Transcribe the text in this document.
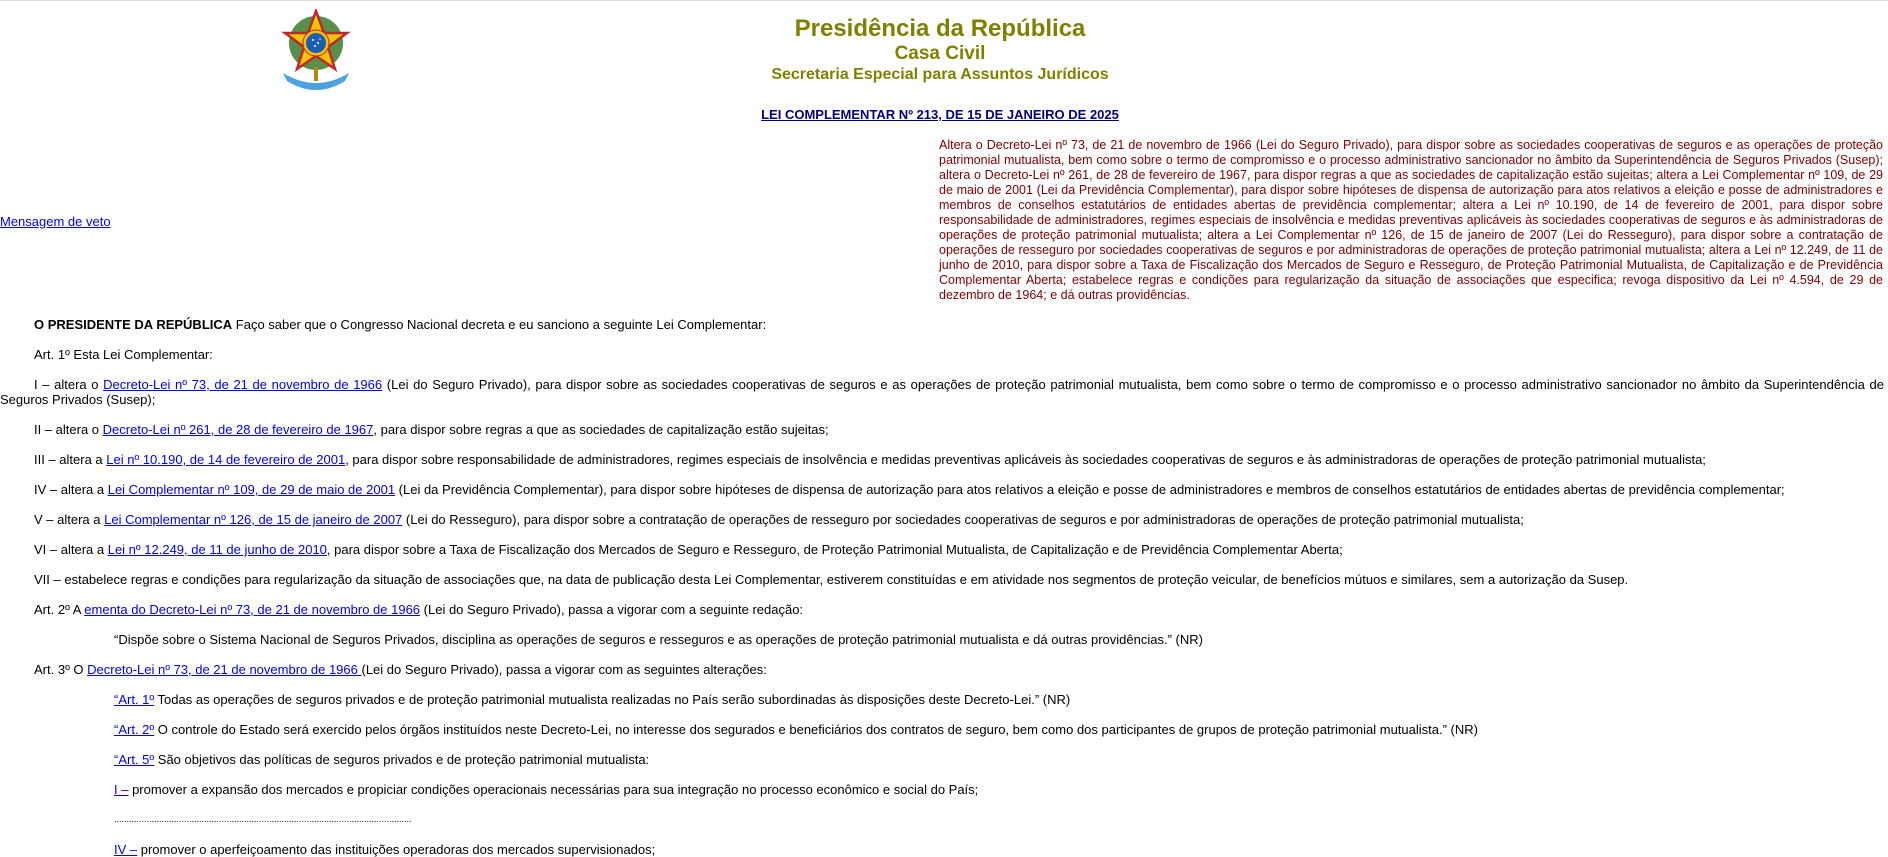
Presidência da República
Casa Civil
Secretaria Especial para Assuntos Jurídicos
LEI COMPLEMENTAR Nº 213, DE 15 DE JANEIRO DE 2025
Mensagem de veto
Altera o Decreto-Lei nº 73, de 21 de novembro de 1966 (Lei do Seguro Privado), para dispor sobre as sociedades cooperativas de seguros e as operações de proteção patrimonial mutualista, bem como sobre o termo de compromisso e o processo administrativo sancionador no âmbito da Superintendência de Seguros Privados (Susep); altera o Decreto-Lei nº 261, de 28 de fevereiro de 1967, para dispor regras a que as sociedades de capitalização estão sujeitas; altera a Lei Complementar nº 109, de 29 de maio de 2001 (Lei da Previdência Complementar), para dispor sobre hipóteses de dispensa de autorização para atos relativos a eleição e posse de administradores e membros de conselhos estatutários de entidades abertas de previdência complementar; altera a Lei nº 10.190, de 14 de fevereiro de 2001, para dispor sobre responsabilidade de administradores, regimes especiais de insolvência e medidas preventivas aplicáveis às sociedades cooperativas de seguros e às administradoras de operações de proteção patrimonial mutualista; altera a Lei Complementar nº 126, de 15 de janeiro de 2007 (Lei do Resseguro), para dispor sobre a contratação de operações de resseguro por sociedades cooperativas de seguros e por administradoras de operações de proteção patrimonial mutualista; altera a Lei nº 12.249, de 11 de junho de 2010, para dispor sobre a Taxa de Fiscalização dos Mercados de Seguro e Resseguro, de Proteção Patrimonial Mutualista, de Capitalização e de Previdência Complementar Aberta; estabelece regras e condições para regularização da situação de associações que especifica; revoga dispositivo da Lei nº 4.594, de 29 de dezembro de 1964; e dá outras providências.

O PRESIDENTE DA REPÚBLICA Faço saber que o Congresso Nacional decreta e eu sanciono a seguinte Lei Complementar:

Art. 1º Esta Lei Complementar:

I – altera o Decreto-Lei nº 73, de 21 de novembro de 1966 (Lei do Seguro Privado), para dispor sobre as sociedades cooperativas de seguros e as operações de proteção patrimonial mutualista, bem como sobre o termo de compromisso e o processo administrativo sancionador no âmbito da Superintendência de Seguros Privados (Susep);

II – altera o Decreto-Lei nº 261, de 28 de fevereiro de 1967, para dispor sobre regras a que as sociedades de capitalização estão sujeitas;

III – altera a Lei nº 10.190, de 14 de fevereiro de 2001, para dispor sobre responsabilidade de administradores, regimes especiais de insolvência e medidas preventivas aplicáveis às sociedades cooperativas de seguros e às administradoras de operações de proteção patrimonial mutualista;

IV – altera a Lei Complementar nº 109, de 29 de maio de 2001 (Lei da Previdência Complementar), para dispor sobre hipóteses de dispensa de autorização para atos relativos a eleição e posse de administradores e membros de conselhos estatutários de entidades abertas de previdência complementar;

V – altera a Lei Complementar nº 126, de 15 de janeiro de 2007 (Lei do Resseguro), para dispor sobre a contratação de operações de resseguro por sociedades cooperativas de seguros e por administradoras de operações de proteção patrimonial mutualista;

VI – altera a Lei nº 12.249, de 11 de junho de 2010, para dispor sobre a Taxa de Fiscalização dos Mercados de Seguro e Resseguro, de Proteção Patrimonial Mutualista, de Capitalização e de Previdência Complementar Aberta;

VII – estabelece regras e condições para regularização da situação de associações que, na data de publicação desta Lei Complementar, estiverem constituídas e em atividade nos segmentos de proteção veicular, de benefícios mútuos e similares, sem a autorização da Susep.

Art. 2º A ementa do Decreto-Lei nº 73, de 21 de novembro de 1966 (Lei do Seguro Privado), passa a vigorar com a seguinte redação:

“Dispõe sobre o Sistema Nacional de Seguros Privados, disciplina as operações de seguros e resseguros e as operações de proteção patrimonial mutualista e dá outras providências.” (NR)

Art. 3º O Decreto-Lei nº 73, de 21 de novembro de 1966 (Lei do Seguro Privado), passa a vigorar com as seguintes alterações:

“Art. 1º Todas as operações de seguros privados e de proteção patrimonial mutualista realizadas no País serão subordinadas às disposições deste Decreto-Lei.” (NR)

“Art. 2º O controle do Estado será exercido pelos órgãos instituídos neste Decreto-Lei, no interesse dos segurados e beneficiários dos contratos de seguro, bem como dos participantes de grupos de proteção patrimonial mutualista.” (NR)

“Art. 5º São objetivos das políticas de seguros privados e de proteção patrimonial mutualista:

I – promover a expansão dos mercados e propiciar condições operacionais necessárias para sua integração no processo econômico e social do País;

.......................................................................................................................

IV – promover o aperfeiçoamento das instituições operadoras dos mercados supervisionados;
